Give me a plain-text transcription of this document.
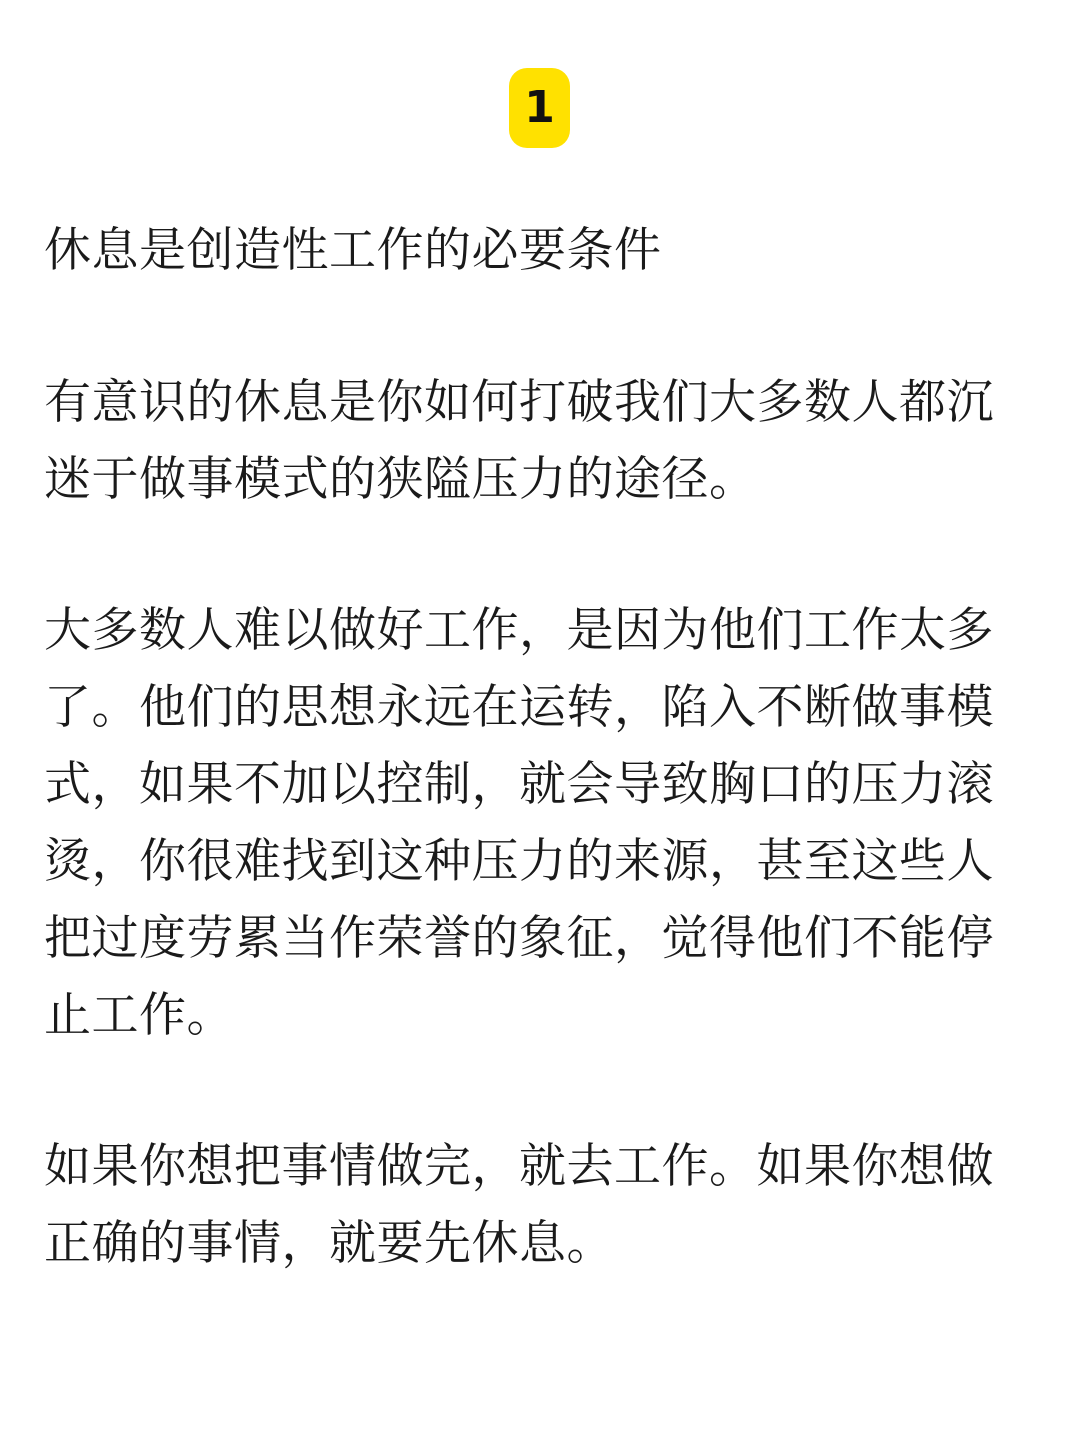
1

休息是创造性工作的必要条件

有意识的休息是你如何打破我们大多数人都沉迷于做事模式的狭隘压力的途径。

大多数人难以做好工作，是因为他们工作太多了。他们的思想永远在运转，陷入不断做事模式，如果不加以控制，就会导致胸口的压力滚烫，你很难找到这种压力的来源，甚至这些人把过度劳累当作荣誉的象征，觉得他们不能停止工作。

如果你想把事情做完，就去工作。如果你想做正确的事情，就要先休息。
